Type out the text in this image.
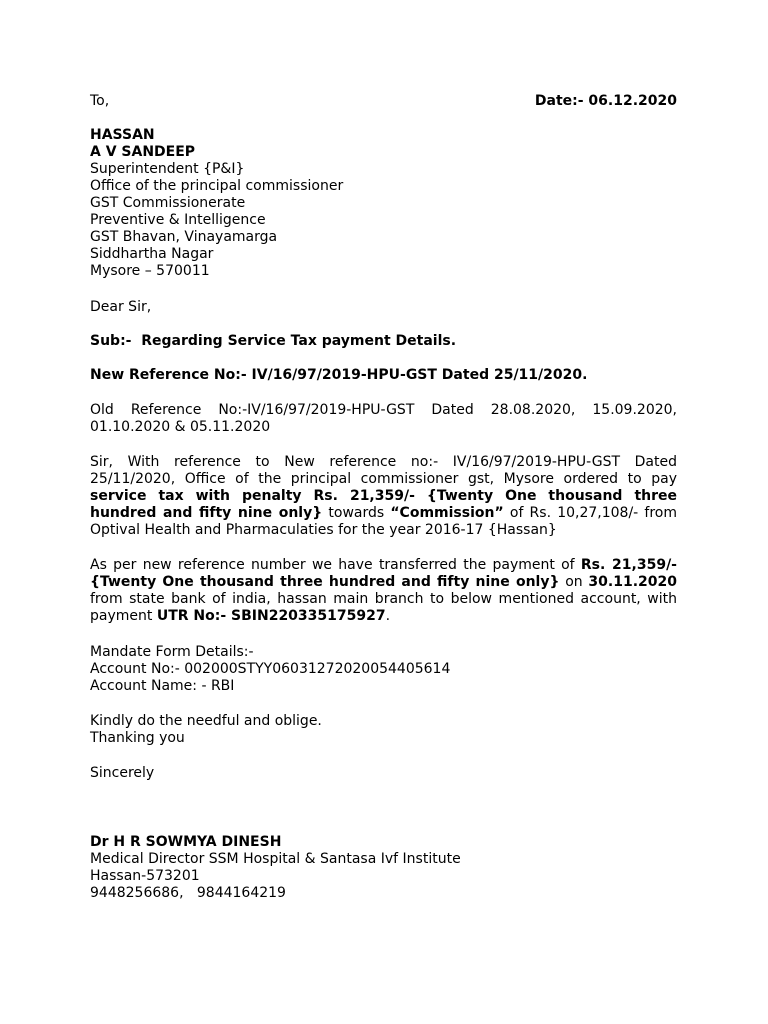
To,	Date:- 06.12.2020
HASSAN
A V SANDEEP
Superintendent {P&I}
Office of the principal commissioner
GST Commissionerate
Preventive & Intelligence
GST Bhavan, Vinayamarga
Siddhartha Nagar
Mysore – 570011
Dear Sir,
Sub:- Regarding Service Tax payment Details.
New Reference No:- IV/16/97/2019-HPU-GST Dated 25/11/2020.
Old Reference No:-IV/16/97/2019-HPU-GST Dated 28.08.2020, 15.09.2020,
01.10.2020 & 05.11.2020
Sir, With reference to New reference no:- IV/16/97/2019-HPU-GST Dated
25/11/2020, Office of the principal commissioner gst, Mysore ordered to pay
service tax with penalty Rs. 21,359/- {Twenty One thousand three
hundred and fifty nine only} towards “Commission” of Rs. 10,27,108/- from
Optival Health and Pharmaculaties for the year 2016-17 {Hassan}
As per new reference number we have transferred the payment of Rs. 21,359/-
{Twenty One thousand three hundred and fifty nine only} on 30.11.2020
from state bank of india, hassan main branch to below mentioned account, with
payment UTR No:- SBIN220335175927.
Mandate Form Details:-
Account No:- 002000STYY0603127202005440561​4
Account Name: - RBI
Kindly do the needful and oblige.
Thanking you
Sincerely
Dr H R SOWMYA DINESH
Medical Director SSM Hospital & Santasa Ivf Institute
Hassan-573201
9448256686,   9844164219
